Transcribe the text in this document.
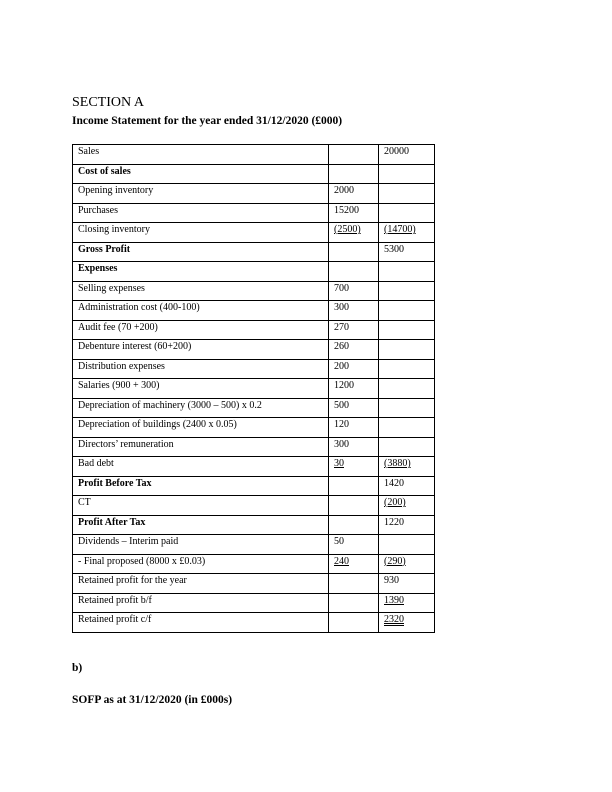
SECTION A
Income Statement for the year ended 31/12/2020 (£000)
Sales		20000
Cost of sales		
Opening inventory	2000	
Purchases	15200	
Closing inventory	(2500)	(14700)
Gross Profit		5300
Expenses		
Selling expenses	700	
Administration cost (400-100)	300	
Audit fee (70 +200)	270	
Debenture interest (60+200)	260	
Distribution expenses	200	
Salaries (900 + 300)	1200	
Depreciation of machinery (3000 – 500) x 0.2	500	
Depreciation of buildings (2400 x 0.05)	120	
Directors’ remuneration	300	
Bad debt	30	(3880)
Profit Before Tax		1420
CT		(200)
Profit After Tax		1220
Dividends – Interim paid	50	
- Final proposed (8000 x £0.03)	240	(290)
Retained profit for the year		930
Retained profit b/f		1390
Retained profit c/f		2320
b)
SOFP as at 31/12/2020 (in £000s)
